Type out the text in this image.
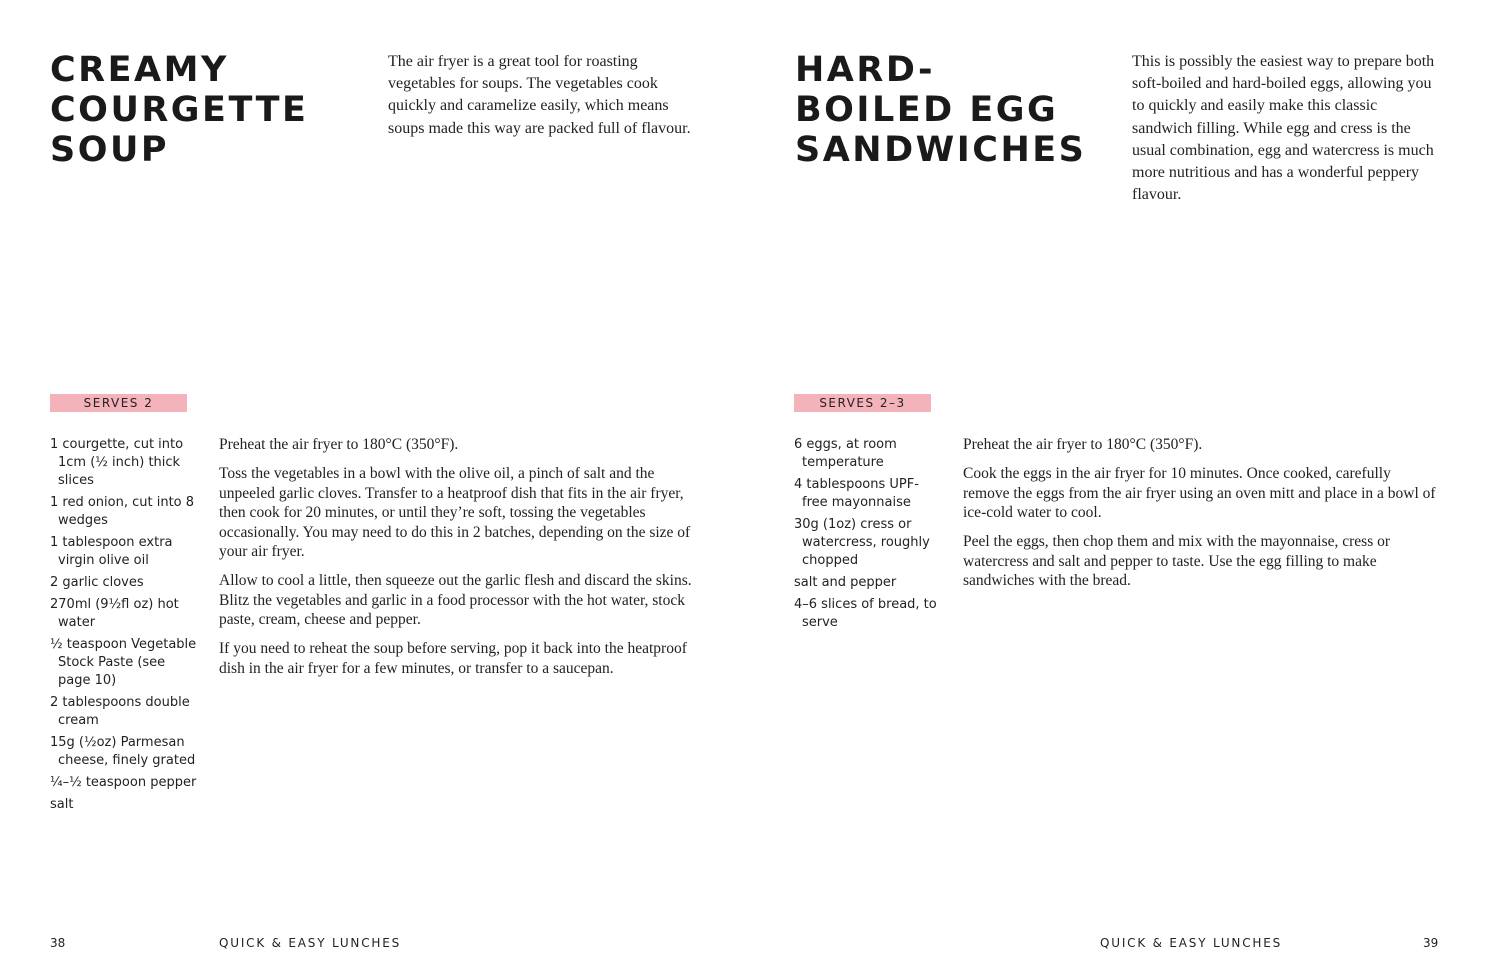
CREAMY
COURGETTE
SOUP

The air fryer is a great tool for roasting vegetables for soups. The vegetables cook quickly and caramelize easily, which means soups made this way are packed full of flavour.

SERVES 2
1 courgette, cut into 1cm (½ inch) thick slices
1 red onion, cut into 8 wedges
1 tablespoon extra virgin olive oil
2 garlic cloves
270ml (9½fl oz) hot water
½ teaspoon Vegetable Stock Paste (see page 10)
2 tablespoons double cream
15g (½oz) Parmesan cheese, finely grated
¼–½ teaspoon pepper
salt

Preheat the air fryer to 180°C (350°F).

Toss the vegetables in a bowl with the olive oil, a pinch of salt and the unpeeled garlic cloves. Transfer to a heatproof dish that fits in the air fryer, then cook for 20 minutes, or until they’re soft, tossing the vegetables occasionally. You may need to do this in 2 batches, depending on the size of your air fryer.

Allow to cool a little, then squeeze out the garlic flesh and discard the skins. Blitz the vegetables and garlic in a food processor with the hot water, stock paste, cream, cheese and pepper.

If you need to reheat the soup before serving, pop it back into the heatproof dish in the air fryer for a few minutes, or transfer to a saucepan.

38	QUICK & EASY LUNCHES
HARD-
BOILED EGG
SANDWICHES

This is possibly the easiest way to prepare both soft-boiled and hard-boiled eggs, allowing you to quickly and easily make this classic sandwich filling. While egg and cress is the usual combination, egg and watercress is much more nutritious and has a wonderful peppery flavour.

SERVES 2–3
6 eggs, at room temperature
4 tablespoons UPF-free mayonnaise
30g (1oz) cress or watercress, roughly chopped
salt and pepper
4–6 slices of bread, to serve

Preheat the air fryer to 180°C (350°F).

Cook the eggs in the air fryer for 10 minutes. Once cooked, carefully remove the eggs from the air fryer using an oven mitt and place in a bowl of ice-cold water to cool.

Peel the eggs, then chop them and mix with the mayonnaise, cress or watercress and salt and pepper to taste. Use the egg filling to make sandwiches with the bread.

QUICK & EASY LUNCHES	39
